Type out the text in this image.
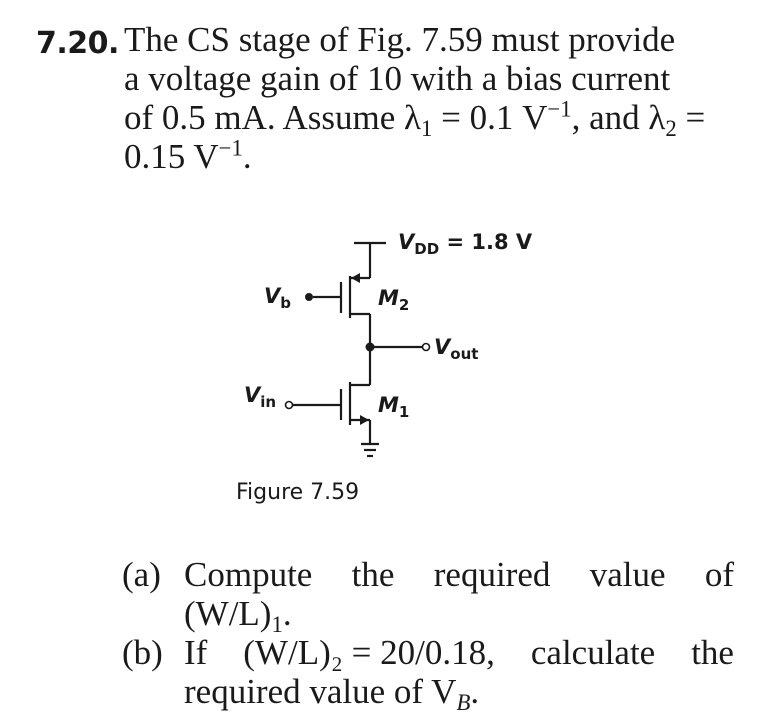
7.20. The CS stage of Fig. 7.59 must provide
a voltage gain of 10 with a bias current
of 0.5 mA. Assume $\lambda_1 = 0.1$ $V^{-1}$, and $\lambda_2$ =
0.15 $V^{-1}$.
$V_{DD} = 1.8$ V
$V_b$	$M_2$
$V_{out}$
$V_{in}$	$M_1$
Figure 7.59
(a) Compute the required value of
$(W/L)_1$.
(b) If (W/L)₂ = 20/0.18, calculate the
required value of $V_B$.
